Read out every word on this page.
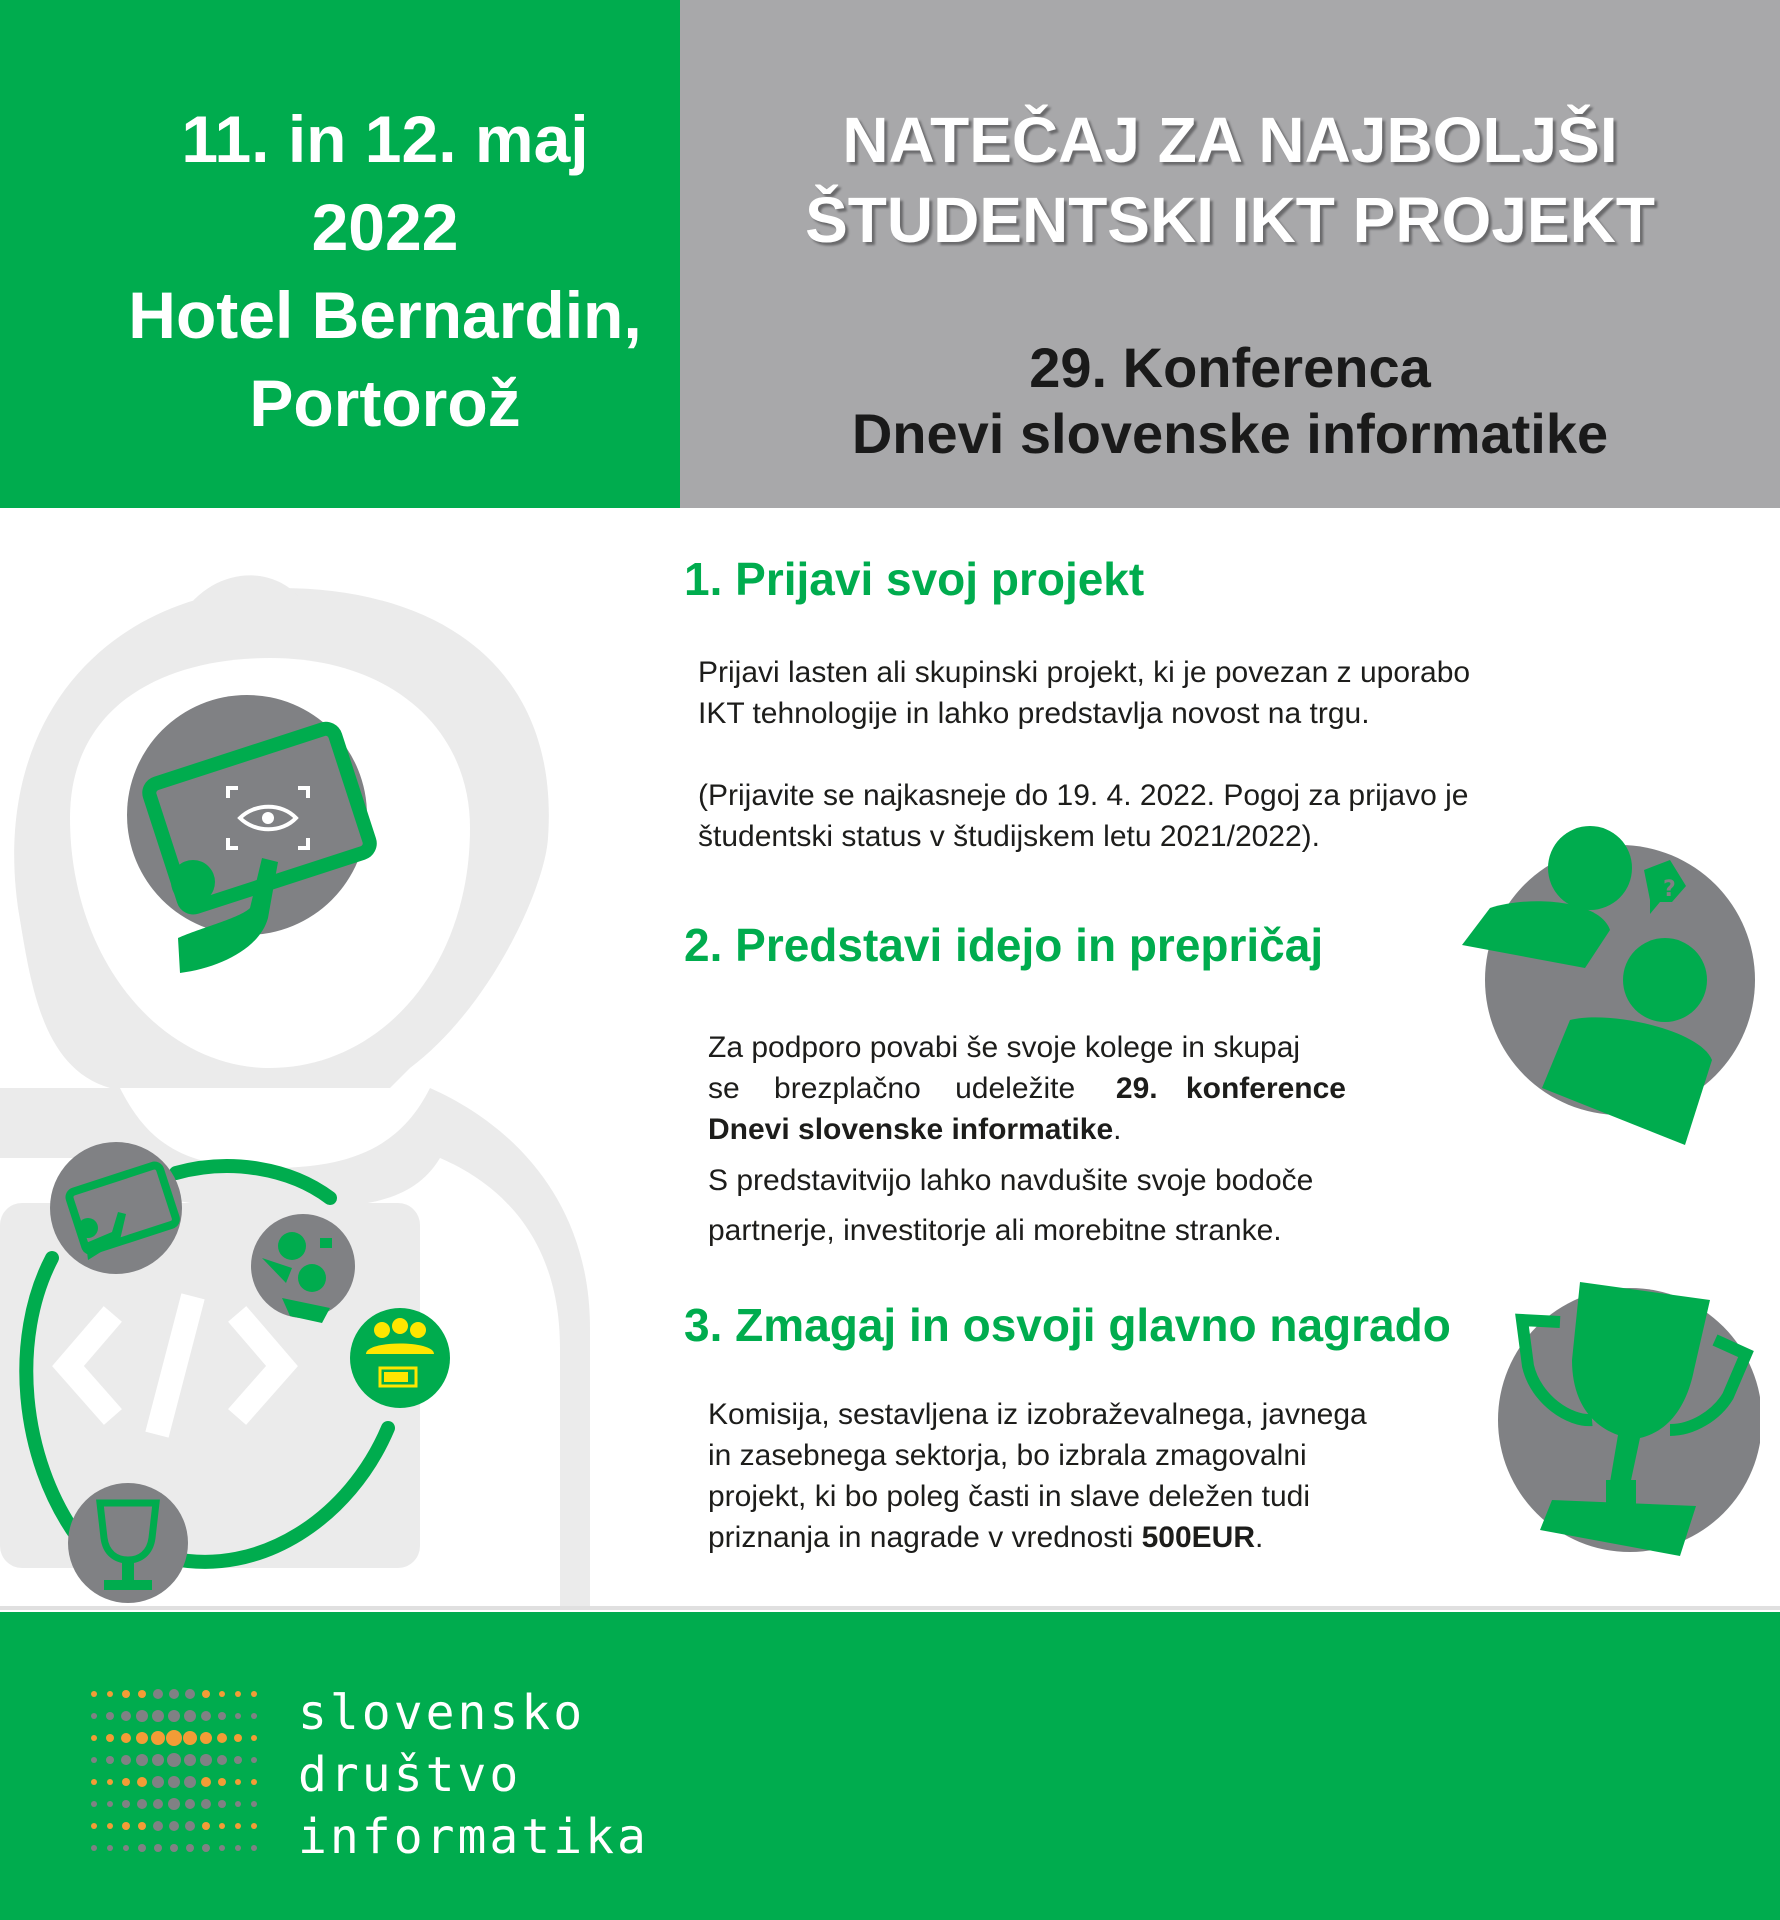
11. in 12. maj
2022
Hotel Bernardin,
Portorož
NATEČAJ ZA NAJBOLJŠI
ŠTUDENTSKI IKT PROJEKT
29. Konferenca
Dnevi slovenske informatike
1. Prijavi svoj projekt
Prijavi lasten ali skupinski projekt, ki je povezan z uporabo
IKT tehnologije in lahko predstavlja novost na trgu.
(Prijavite se najkasneje do 19. 4. 2022. Pogoj za prijavo je
študentski status v študijskem letu 2021/2022).
2. Predstavi idejo in prepričaj
Za podporo povabi še svoje kolege in skupaj
se brezplačno udeležite 29. konference
Dnevi slovenske informatike.
S predstavitvijo lahko navdušite svoje bodoče
partnerje, investitorje ali morebitne stranke.
3. Zmagaj in osvoji glavno nagrado
Komisija, sestavljena iz izobraževalnega, javnega
in zasebnega sektorja, bo izbrala zmagovalni
projekt, ki bo poleg časti in slave deležen tudi
priznanja in nagrade v vrednosti 500EUR.
?
slovensko
društvo
informatika
